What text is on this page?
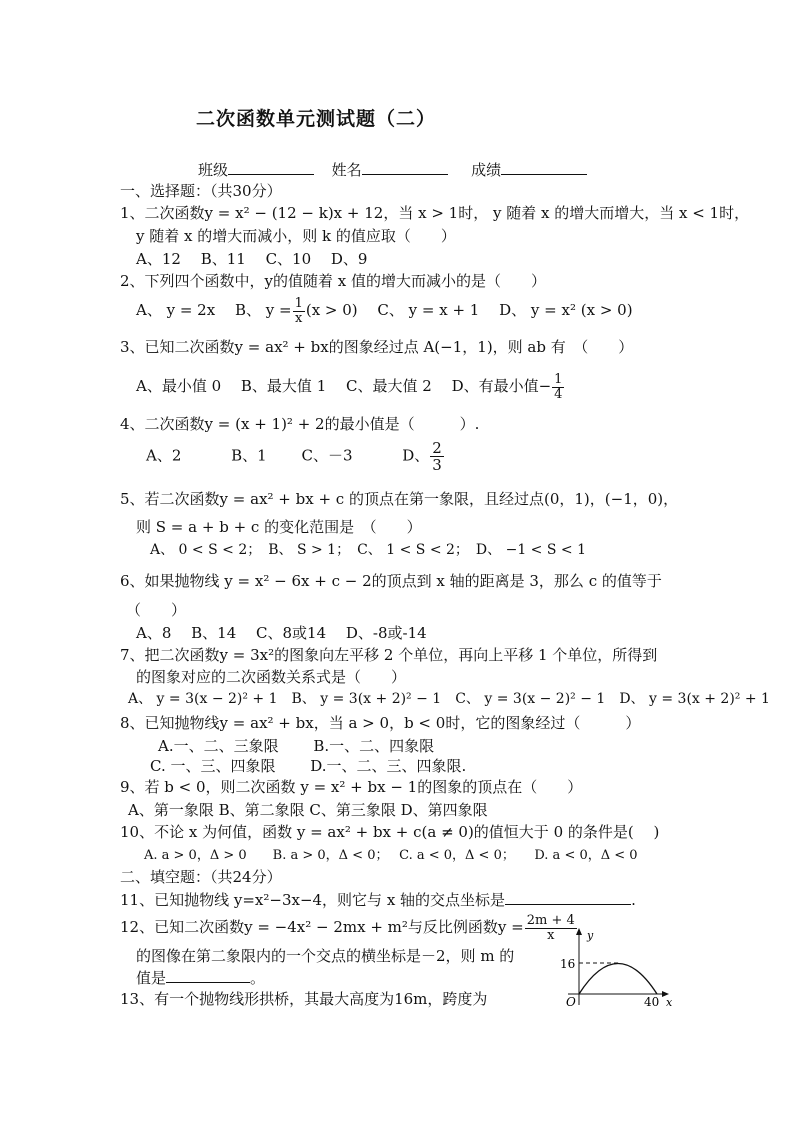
二次函数单元测试题（二）
班级	姓名	成绩
一、选择题：（共30分）
1、二次函数y = x² − (12 − k)x + 12，当 x > 1时， y 随着 x 的增大而增大，当 x < 1时，
y 随着 x 的增大而减小，则 k 的值应取（　　）
A、12　 B、11　 C、10　 D、9
2、下列四个函数中，y的值随着 x 值的增大而减小的是（　　）
A、 y = 2x　 B、 $y = \frac{1}{x} (x > 0)$　 C、 y = x + 1　 D、 y = x² (x > 0)
3、已知二次函数y = ax² + bx的图象经过点 A(−1，1)，则 ab 有　（　　）
A、最小值 0　 B、最大值 1　 C、最大值 2　 D、有最小值− $\frac{1}{4}$
4、二次函数y = (x + 1)² + 2的最小值是（　　　）.
A、2　　　 B、1　　 C、－3　　　 D、 $\frac{2}{3}$
5、若二次函数y = ax² + bx + c 的顶点在第一象限，且经过点(0，1)，(−1，0)，
则 S = a + b + c 的变化范围是　（　　）
A、 0 < S < 2；　B、 S > 1；　C、 1 < S < 2；　D、 −1 < S < 1
6、如果抛物线 y = x² − 6x + c − 2的顶点到 x 轴的距离是 3，那么 c 的值等于
（　　）
A、8　 B、14　 C、8或14　 D、-8或-14
7、把二次函数y = 3x²的图象向左平移 2 个单位，再向上平移 1 个单位，所得到
的图象对应的二次函数关系式是（　　）
A、 y = 3(x − 2)² + 1　B、 y = 3(x + 2)² − 1　C、 y = 3(x − 2)² − 1　D、 y = 3(x + 2)² + 1
8、已知抛物线y = ax² + bx，当 a > 0，b < 0时，它的图象经过（　　　）
A.一、二、三象限　　 B.一、二、四象限
C. 一、三、四象限　　 D.一、二、三、四象限.
9、若 b < 0，则二次函数 y = x² + bx − 1的图象的顶点在（　　）
A、第一象限 B、第二象限 C、第三象限 D、第四象限
10、不论 x 为何值，函数 y = ax² + bx + c(a ≠ 0)的值恒大于 0 的条件是(　 )
A. a > 0，Δ > 0　　B. a > 0，Δ < 0；　 C. a < 0，Δ < 0；　　D. a < 0，Δ < 0
二、填空题：（共24分）
11、已知抛物线 y=x²−3x−4，则它与 x 轴的交点坐标是	.
12、已知二次函数y = −4x² − 2mx + m²与反比例函数$y = \frac{2m + 4}{x}$
的图像在第二象限内的一个交点的横坐标是－2，则 m 的
值是	。
13、有一个抛物线形拱桥，其最大高度为16m，跨度为
y
16
O	40 x
